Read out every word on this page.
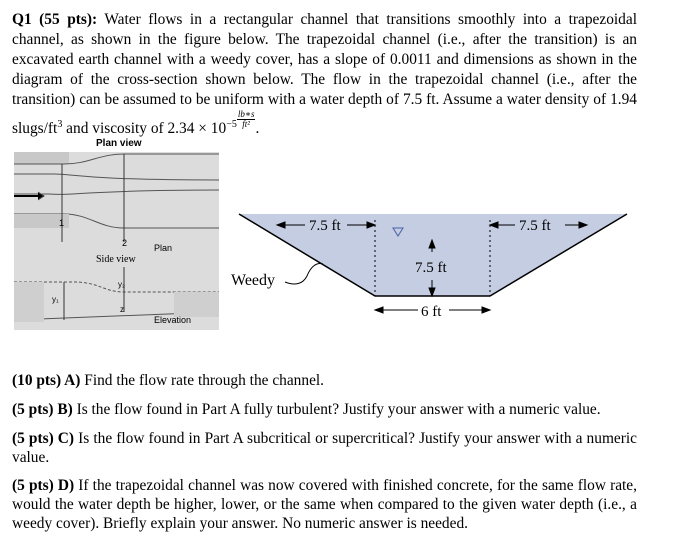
Q1 (55 pts): Water flows in a rectangular channel that transitions smoothly into a trapezoidal channel, as shown in the figure below. The trapezoidal channel (i.e., after the transition) is an excavated earth channel with a weedy cover, has a slope of 0.0011 and dimensions as shown in the diagram of the cross-section shown below. The flow in the trapezoidal channel (i.e., after the transition) can be assumed to be uniform with a water depth of 7.5 ft. Assume a water density of 1.94 slugs/$ft^3$ and viscosity of $2.34 \times 10^{-5} \frac{lb∗s}{\text{ft²}}$ .
Plan view
1
2	Plan
Side view
y₂
y₁
z
Elevation
7.5 ft	7.5 ft
7.5 ft
6 ft
Weedy
(10 pts) A) Find the flow rate through the channel.
(5 pts) B) Is the flow found in Part A fully turbulent? Justify your answer with a numeric value.
(5 pts) C) Is the flow found in Part A subcritical or supercritical? Justify your answer with a numeric value.
(5 pts) D) If the trapezoidal channel was now covered with finished concrete, for the same flow rate, would the water depth be higher, lower, or the same when compared to the given water depth (i.e., a weedy cover). Briefly explain your answer. No numeric answer is needed.
